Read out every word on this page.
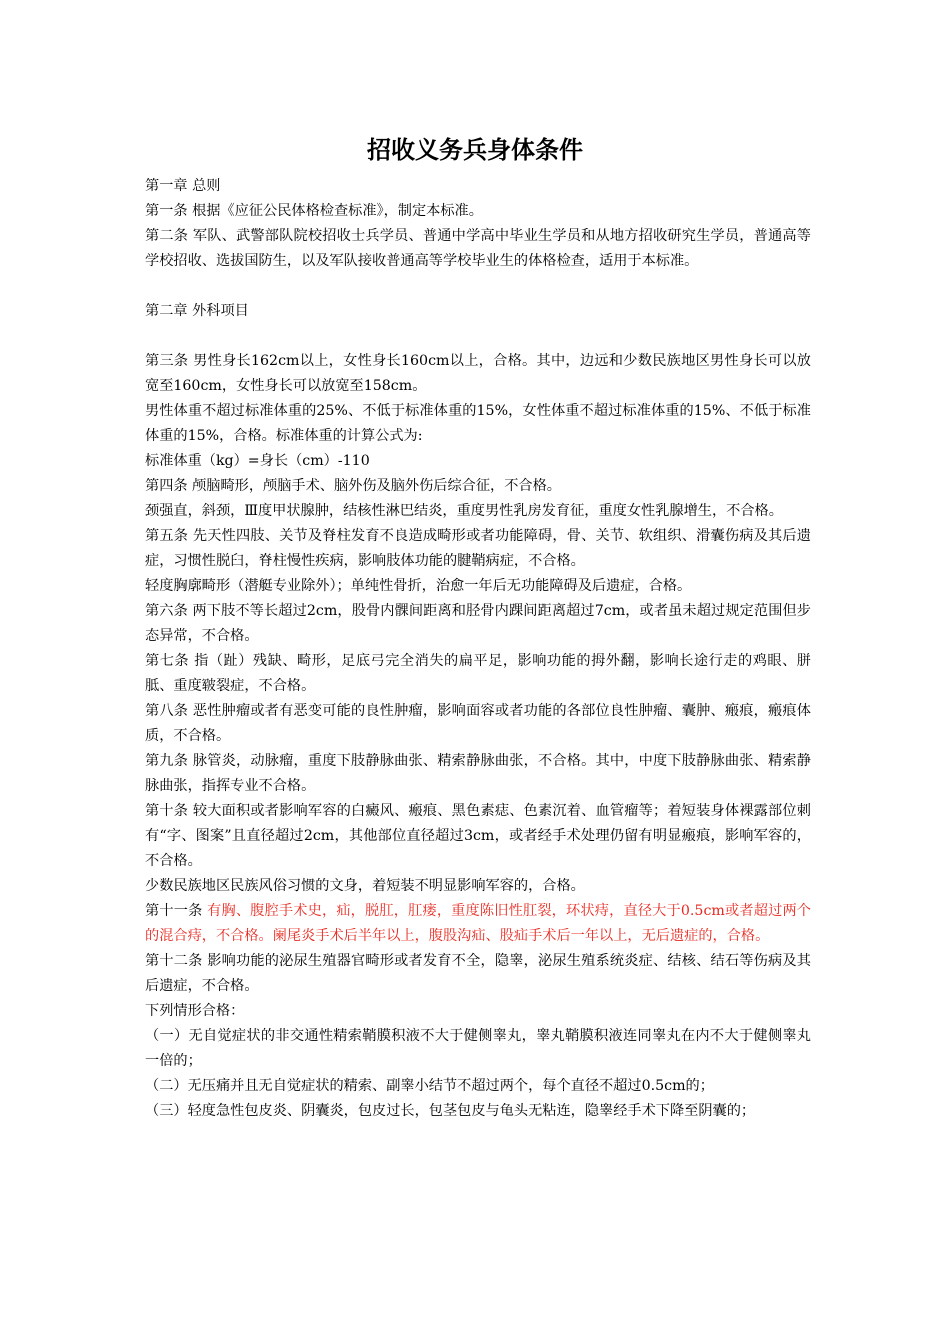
招收义务兵身体条件

第一章 总则

第一条 根据《应征公民体格检查标准》，制定本标准。

第二条 军队、武警部队院校招收士兵学员、普通中学高中毕业生学员和从地方招收研究生学员，普通高等学校招收、选拔国防生，以及军队接收普通高等学校毕业生的体格检查，适用于本标准。

第二章 外科项目

第三条 男性身长162cm以上，女性身长160cm以上，合格。其中，边远和少数民族地区男性身长可以放宽至160cm，女性身长可以放宽至158cm。

男性体重不超过标准体重的25%、不低于标准体重的15%，女性体重不超过标准体重的15%、不低于标准体重的15%，合格。标准体重的计算公式为:

标准体重（kg）=身长（cm）-110

第四条 颅脑畸形，颅脑手术、脑外伤及脑外伤后综合征，不合格。

颈强直，斜颈，Ⅲ度甲状腺肿，结核性淋巴结炎，重度男性乳房发育征，重度女性乳腺增生，不合格。

第五条 先天性四肢、关节及脊柱发育不良造成畸形或者功能障碍，骨、关节、软组织、滑囊伤病及其后遗症，习惯性脱臼，脊柱慢性疾病，影响肢体功能的腱鞘病症，不合格。

轻度胸廓畸形（潜艇专业除外）；单纯性骨折，治愈一年后无功能障碍及后遗症，合格。

第六条 两下肢不等长超过2cm，股骨内髁间距离和胫骨内踝间距离超过7cm，或者虽未超过规定范围但步态异常，不合格。

第七条 指（趾）残缺、畸形，足底弓完全消失的扁平足，影响功能的拇外翻，影响长途行走的鸡眼、胼胝、重度皲裂症，不合格。

第八条 恶性肿瘤或者有恶变可能的良性肿瘤，影响面容或者功能的各部位良性肿瘤、囊肿、瘢痕，瘢痕体质，不合格。

第九条 脉管炎，动脉瘤，重度下肢静脉曲张、精索静脉曲张，不合格。其中，中度下肢静脉曲张、精索静脉曲张，指挥专业不合格。

第十条 较大面积或者影响军容的白癜风、瘢痕、黑色素痣、色素沉着、血管瘤等；着短装身体裸露部位刺有“字、图案”且直径超过2cm，其他部位直径超过3cm，或者经手术处理仍留有明显瘢痕，影响军容的，不合格。

少数民族地区民族风俗习惯的文身，着短装不明显影响军容的，合格。

第十一条 有胸、腹腔手术史，疝，脱肛，肛瘘，重度陈旧性肛裂，环状痔，直径大于0.5cm或者超过两个的混合痔，不合格。阑尾炎手术后半年以上，腹股沟疝、股疝手术后一年以上，无后遗症的，合格。

第十二条 影响功能的泌尿生殖器官畸形或者发育不全，隐睾，泌尿生殖系统炎症、结核、结石等伤病及其后遗症，不合格。

下列情形合格：

（一）无自觉症状的非交通性精索鞘膜积液不大于健侧睾丸，睾丸鞘膜积液连同睾丸在内不大于健侧睾丸一倍的；

（二）无压痛并且无自觉症状的精索、副睾小结节不超过两个，每个直径不超过0.5cm的；

（三）轻度急性包皮炎、阴囊炎，包皮过长，包茎包皮与龟头无粘连，隐睾经手术下降至阴囊的；
